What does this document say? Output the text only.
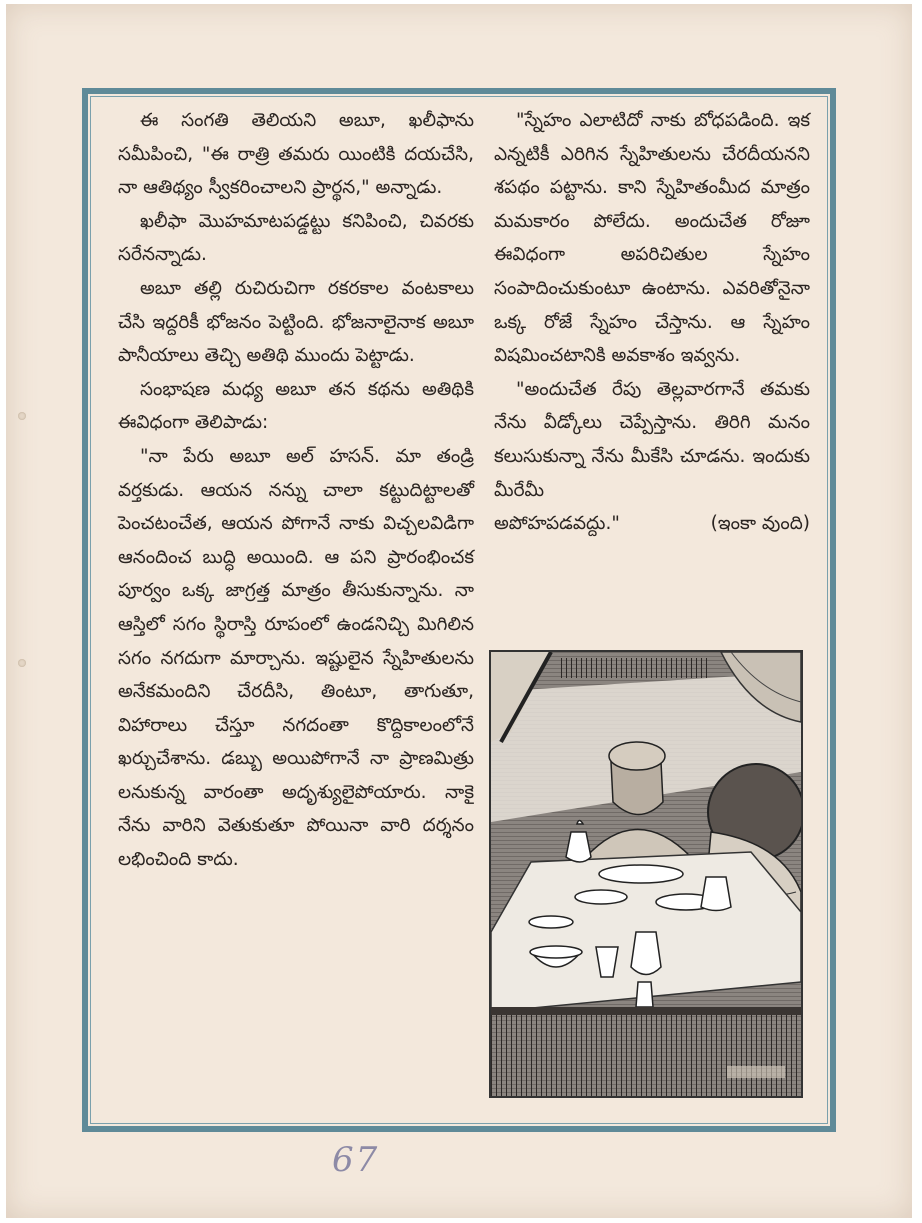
ఈ సంగతి తెలియని అబూ, ఖలీఫాను సమీపించి, "ఈ రాత్రి తమరు యింటికి దయచేసి, నా ఆతిథ్యం స్వీకరించాలని ప్రార్థన," అన్నాడు.

ఖలీఫా మొహమాటపడ్డట్టు కనిపించి, చివరకు సరేనన్నాడు.

అబూ తల్లి రుచిరుచిగా రకరకాల వంటకాలు చేసి ఇద్దరికీ భోజనం పెట్టింది. భోజనాలైనాక అబూ పానీయాలు తెచ్చి అతిథి ముందు పెట్టాడు.

సంభాషణ మధ్య అబూ తన కథను అతిథికి ఈవిధంగా తెలిపాడు:

"నా పేరు అబూ అల్ హసన్. మా తండ్రి వర్తకుడు. ఆయన నన్ను చాలా కట్టుదిట్టాలతో పెంచటంచేత, ఆయన పోగానే నాకు విచ్చలవిడిగా ఆనందించ బుద్ధి అయింది. ఆ పని ప్రారంభించక పూర్వం ఒక్క జాగ్రత్త మాత్రం తీసుకున్నాను. నా ఆస్తిలో సగం స్థిరాస్తి రూపంలో ఉండనిచ్చి మిగిలిన సగం నగదుగా మార్చాను. ఇష్టులైన స్నేహితులను అనేకమందిని చేరదీసి, తింటూ, తాగుతూ, విహారాలు చేస్తూ నగదంతా కొద్దికాలంలోనే ఖర్చుచేశాను. డబ్బు అయిపోగానే నా ప్రాణమిత్రు లనుకున్న వారంతా అదృశ్యులైపోయారు. నాకై నేను వారిని వెతుకుతూ పోయినా వారి దర్శనం లభించింది కాదు.

"స్నేహం ఎలాటిదో నాకు బోధపడింది. ఇక ఎన్నటికీ ఎరిగిన స్నేహితులను చేరదీయనని శపథం పట్టాను. కాని స్నేహితంమీద మాత్రం మమకారం పోలేదు. అందుచేత రోజూ ఈవిధంగా అపరిచితుల స్నేహం సంపాదించుకుంటూ ఉంటాను. ఎవరితోనైనా ఒక్క రోజే స్నేహం చేస్తాను. ఆ స్నేహం విషమించటానికి అవకాశం ఇవ్వను.

"అందుచేత రేపు తెల్లవారగానే తమకు నేను వీడ్కోలు చెప్పేస్తాను. తిరిగి మనం కలుసుకున్నా నేను మీకేసి చూడను. ఇందుకు మీరేమీ

అపోహపడవద్దు."	(ఇంకా వుంది)
67
